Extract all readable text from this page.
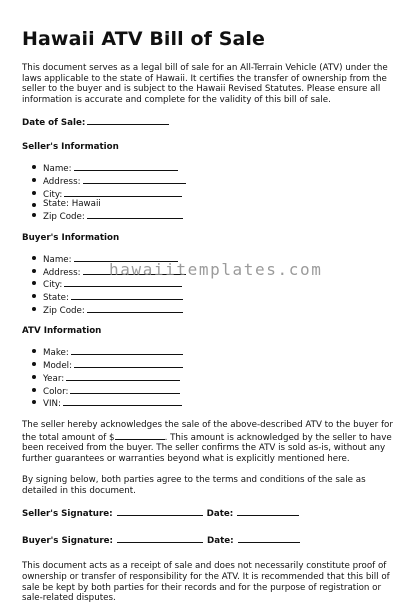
Hawaii ATV Bill of Sale

This document serves as a legal bill of sale for an All-Terrain Vehicle (ATV) under the laws applicable to the state of Hawaii. It certifies the transfer of ownership from the seller to the buyer and is subject to the Hawaii Revised Statutes. Please ensure all information is accurate and complete for the validity of this bill of sale.

Date of Sale:
Seller's Information
Name:
Address:
City:
State: Hawaii
Zip Code:
Buyer's Information
Name:
Address:
City:
State:
Zip Code:
ATV Information
Make:
Model:
Year:
Color:
VIN:

The seller hereby acknowledges the sale of the above-described ATV to the buyer for the total amount of $	. This amount is acknowledged by the seller to have been received from the buyer. The seller confirms the ATV is sold as-is, without any further guarantees or warranties beyond what is explicitly mentioned here.

By signing below, both parties agree to the terms and conditions of the sale as detailed in this document.

Seller's Signature:	Date:
Buyer's Signature:	Date:

This document acts as a receipt of sale and does not necessarily constitute proof of ownership or transfer of responsibility for the ATV. It is recommended that this bill of sale be kept by both parties for their records and for the purpose of registration or sale-related disputes.

hawaiitemplates.com
